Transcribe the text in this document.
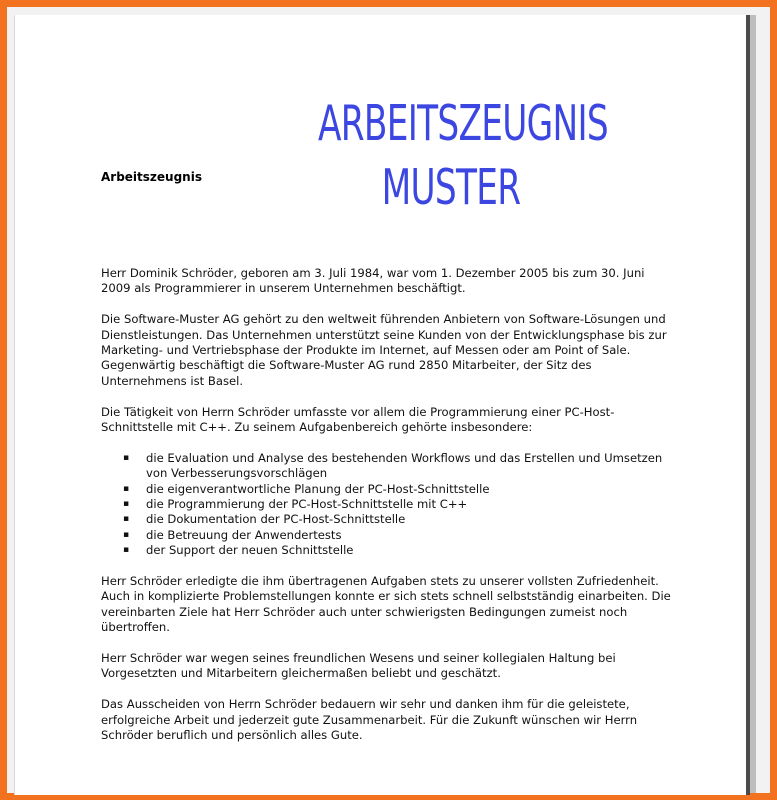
Arbeitszeugnis
ARBEITSZEUGNIS
MUSTER

Herr Dominik Schröder, geboren am 3. Juli 1984, war vom 1. Dezember 2005 bis zum 30. Juni 2009 als Programmierer in unserem Unternehmen beschäftigt.

Die Software-Muster AG gehört zu den weltweit führenden Anbietern von Software-Lösungen und Dienstleistungen. Das Unternehmen unterstützt seine Kunden von der Entwicklungsphase bis zur Marketing- und Vertriebsphase der Produkte im Internet, auf Messen oder am Point of Sale. Gegenwärtig beschäftigt die Software-Muster AG rund 2850 Mitarbeiter, der Sitz des Unternehmens ist Basel.

Die Tätigkeit von Herrn Schröder umfasste vor allem die Programmierung einer PC-Host-Schnittstelle mit C++. Zu seinem Aufgabenbereich gehörte insbesondere:

▪ die Evaluation und Analyse des bestehenden Workflows und das Erstellen und Umsetzen von Verbesserungsvorschlägen
▪ die eigenverantwortliche Planung der PC-Host-Schnittstelle
▪ die Programmierung der PC-Host-Schnittstelle mit C++
▪ die Dokumentation der PC-Host-Schnittstelle
▪ die Betreuung der Anwendertests
▪ der Support der neuen Schnittstelle

Herr Schröder erledigte die ihm übertragenen Aufgaben stets zu unserer vollsten Zufriedenheit. Auch in komplizierte Problemstellungen konnte er sich stets schnell selbstständig einarbeiten. Die vereinbarten Ziele hat Herr Schröder auch unter schwierigsten Bedingungen zumeist noch übertroffen.

Herr Schröder war wegen seines freundlichen Wesens und seiner kollegialen Haltung bei Vorgesetzten und Mitarbeitern gleichermaßen beliebt und geschätzt.

Das Ausscheiden von Herrn Schröder bedauern wir sehr und danken ihm für die geleistete, erfolgreiche Arbeit und jederzeit gute Zusammenarbeit. Für die Zukunft wünschen wir Herrn Schröder beruflich und persönlich alles Gute.
